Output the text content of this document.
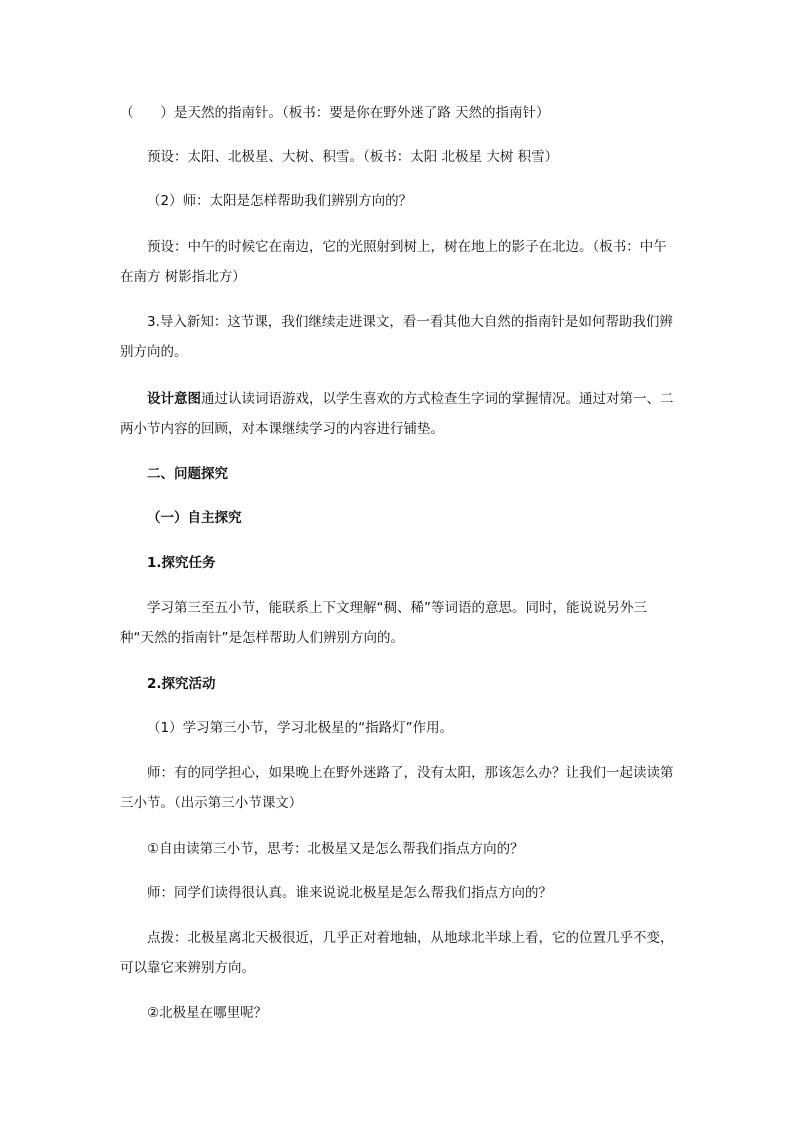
（　　）是天然的指南针。（板书：要是你在野外迷了路 天然的指南针）

预设：太阳、北极星、大树、积雪。（板书：太阳 北极星 大树 积雪）

（2）师：太阳是怎样帮助我们辨别方向的？

预设：中午的时候它在南边，它的光照射到树上，树在地上的影子在北边。（板书：中午在南方 树影指北方）

3.导入新知：这节课，我们继续走进课文，看一看其他大自然的指南针是如何帮助我们辨别方向的。

设计意图通过认读词语游戏，以学生喜欢的方式检查生字词的掌握情况。通过对第一、二两小节内容的回顾，对本课继续学习的内容进行铺垫。

二、问题探究

（一）自主探究

1.探究任务

学习第三至五小节，能联系上下文理解“稠、稀”等词语的意思。同时，能说说另外三种“天然的指南针”是怎样帮助人们辨别方向的。

2.探究活动

（1）学习第三小节，学习北极星的“指路灯”作用。

师：有的同学担心，如果晚上在野外迷路了，没有太阳，那该怎么办？让我们一起读读第三小节。（出示第三小节课文）

①自由读第三小节，思考：北极星又是怎么帮我们指点方向的？

师：同学们读得很认真。谁来说说北极星是怎么帮我们指点方向的？

点拨：北极星离北天极很近，几乎正对着地轴，从地球北半球上看，它的位置几乎不变，可以靠它来辨别方向。

②北极星在哪里呢？
